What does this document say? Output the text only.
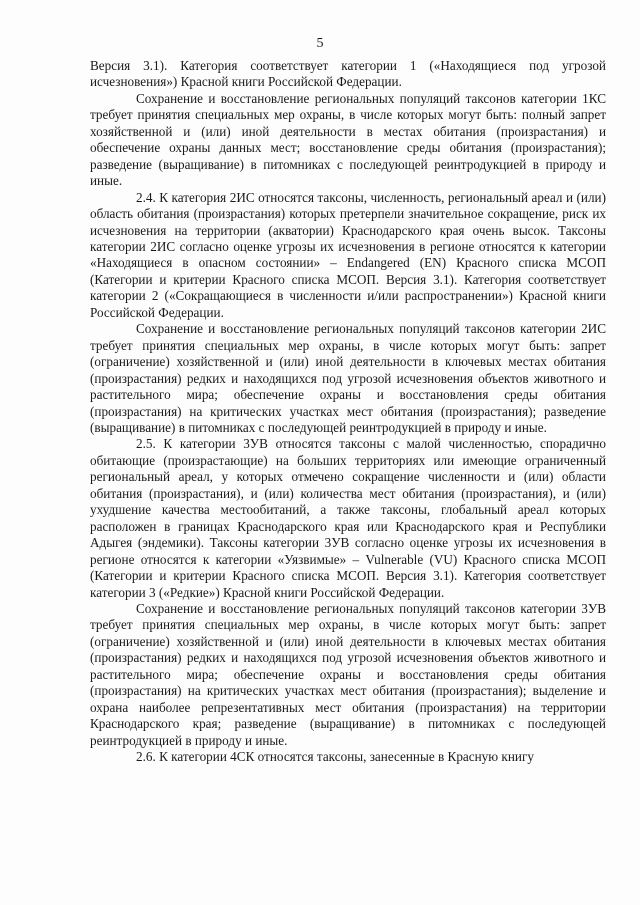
5

Версия 3.1). Категория соответствует категории 1 («Находящиеся под угрозой исчезновения») Красной книги Российской Федерации.

Сохранение и восстановление региональных популяций таксонов категории 1КС требует принятия специальных мер охраны, в числе которых могут быть: полный запрет хозяйственной и (или) иной деятельности в местах обитания (произрастания) и обеспечение охраны данных мест; восстановление среды обитания (произрастания); разведение (выращивание) в питомниках с последующей реинтродукцией в природу и иные.

2.4. К категория 2ИС относятся таксоны, численность, региональный ареал и (или) область обитания (произрастания) которых претерпели значительное сокращение, риск их исчезновения на территории (акватории) Краснодарского края очень высок. Таксоны категории 2ИС согласно оценке угрозы их исчезновения в регионе относятся к категории «Находящиеся в опасном состоянии» – Endangered (EN) Красного списка МСОП (Категории и критерии Красного списка МСОП. Версия 3.1). Категория соответствует категории 2 («Сокращающиеся в численности и/или распространении») Красной книги Российской Федерации.

Сохранение и восстановление региональных популяций таксонов категории 2ИС требует принятия специальных мер охраны, в числе которых могут быть: запрет (ограничение) хозяйственной и (или) иной деятельности в ключевых местах обитания (произрастания) редких и находящихся под угрозой исчезновения объектов животного и растительного мира; обеспечение охраны и восстановления среды обитания (произрастания) на критических участках мест обитания (произрастания); разведение (выращивание) в питомниках с последующей реинтродукцией в природу и иные.

2.5. К категории 3УВ относятся таксоны с малой численностью, спорадично обитающие (произрастающие) на больших территориях или имеющие ограниченный региональный ареал, у которых отмечено сокращение численности и (или) области обитания (произрастания), и (или) количества мест обитания (произрастания), и (или) ухудшение качества местообитаний, а также таксоны, глобальный ареал которых расположен в границах Краснодарского края или Краснодарского края и Республики Адыгея (эндемики). Таксоны категории 3УВ согласно оценке угрозы их исчезновения в регионе относятся к категории «Уязвимые» – Vulnerable (VU) Красного списка МСОП (Категории и критерии Красного списка МСОП. Версия 3.1). Категория соответствует категории 3 («Редкие») Красной книги Российской Федерации.

Сохранение и восстановление региональных популяций таксонов категории 3УВ требует принятия специальных мер охраны, в числе которых могут быть: запрет (ограничение) хозяйственной и (или) иной деятельности в ключевых местах обитания (произрастания) редких и находящихся под угрозой исчезновения объектов животного и растительного мира; обеспечение охраны и восстановления среды обитания (произрастания) на критических участках мест обитания (произрастания); выделение и охрана наиболее репрезентативных мест обитания (произрастания) на территории Краснодарского края; разведение (выращивание) в питомниках с последующей реинтродукцией в природу и иные.

2.6. К категории 4СК относятся таксоны, занесенные в Красную книгу
